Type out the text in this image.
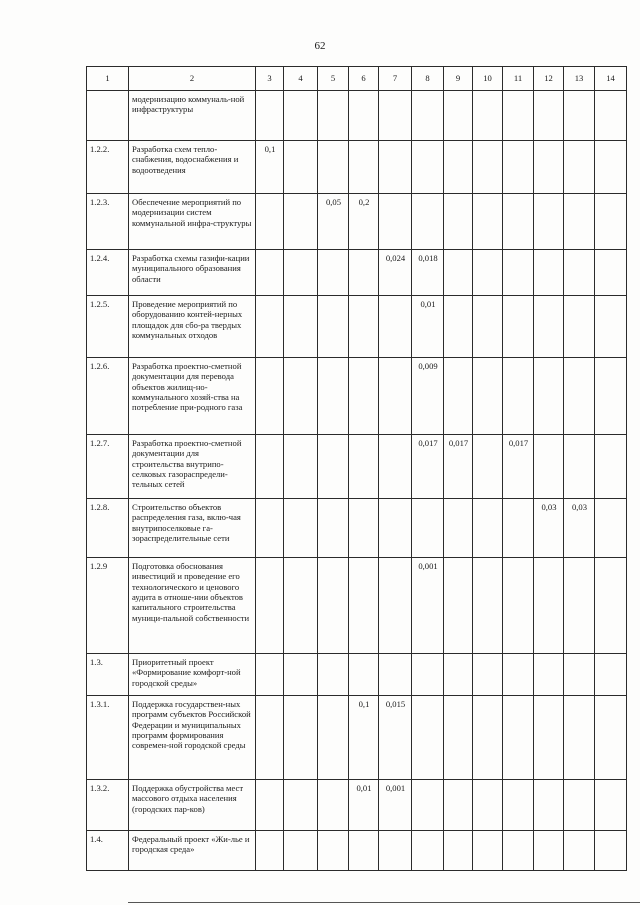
62
1	2	3	4	5	6	7	8	9	10	11	12	13	14
	модернизацию коммуналь-ной инфраструктуры												
1.2.2.	Разработка схем тепло-снабжения, водоснабжения и водоотведения	0,1											
1.2.3.	Обеспечение мероприятий по модернизации систем коммунальной инфра-структуры			0,05	0,2								
1.2.4.	Разработка схемы газифи-кации муниципального образования области					0,024	0,018						
1.2.5.	Проведение мероприятий по оборудованию контей-нерных площадок для сбо-ра твердых коммунальных отходов						0,01						
1.2.6.	Разработка проектно-сметной документации для перевода объектов жилищ-но-коммунального хозяй-ства на потребление при-родного газа						0,009						
1.2.7.	Разработка проектно-сметной документации для строительства внутрипо-селковых газораспредели-тельных сетей						0,017	0,017		0,017			
1.2.8.	Строительство объектов распределения газа, вклю-чая внутрипоселковые га-зораспределительные сети										0,03	0,03	
1.2.9	Подготовка обоснования инвестиций и проведение его технологического и ценового аудита в отноше-нии объектов капитального строительства муници-пальной собственности						0,001						
1.3.	Приоритетный проект «Формирование комфорт-ной городской среды»												
1.3.1.	Поддержка государствен-ных программ субъектов Российской Федерации и муниципальных программ формирования современ-ной городской среды				0,1	0,015							
1.3.2.	Поддержка обустройства мест массового отдыха населения (городских пар-ков)				0,01	0,001							
1.4.	Федеральный проект «Жи-лье и городская среда»												
